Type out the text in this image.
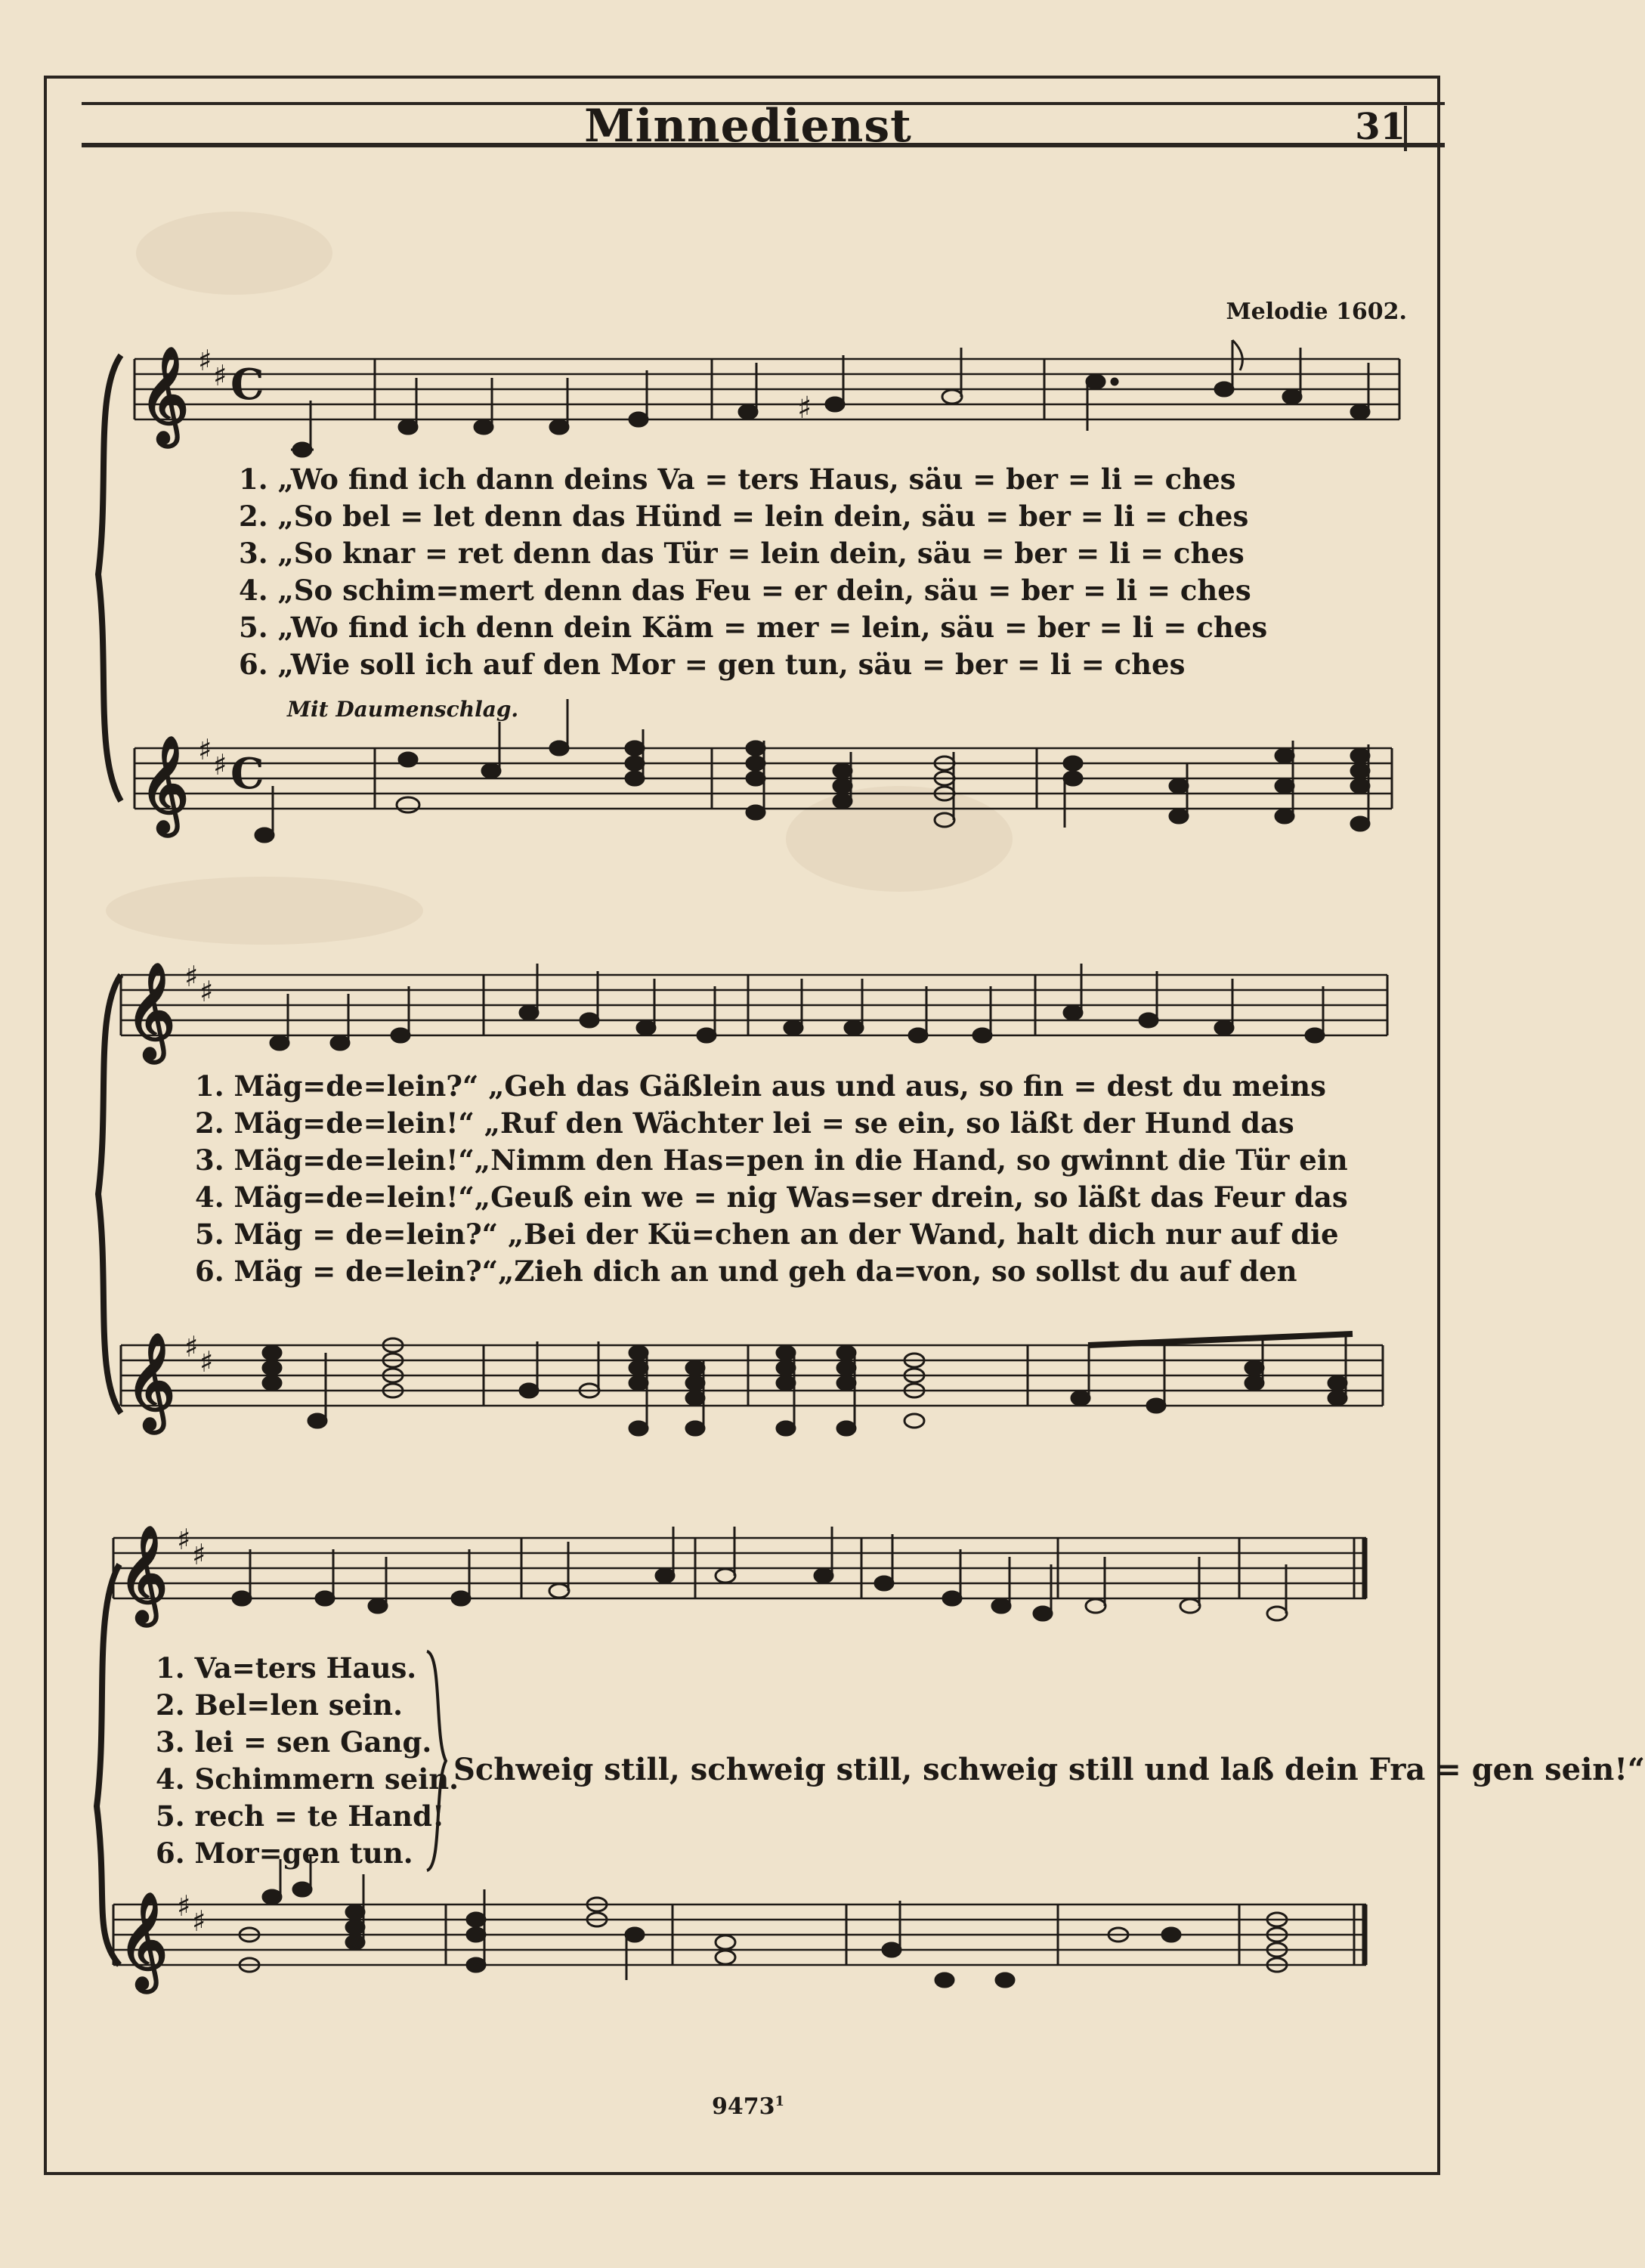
Minnedienst	31
Melodie 1602.
𝄞 ♯ ♯ C
𝄞 ♯ ♯ C
𝄞 ♯ ♯
𝄞 ♯ ♯
𝄞 ♯ ♯
𝄞 ♯ ♯
♯
1. „Wo find ich dann deins Va = ters Haus, säu = ber = li = ches
2. „So bel = let denn das Hünd = lein dein, säu = ber = li = ches
3. „So knar = ret denn das Tür = lein dein, säu = ber = li = ches
4. „So schim=mert denn das Feu = er dein, säu = ber = li = ches
5. „Wo find ich denn dein Käm = mer = lein, säu = ber = li = ches
6. „Wie soll ich auf den Mor = gen tun, säu = ber = li = ches
Mit Daumenschlag.
1. Mäg=de=lein?“ „Geh das Gäßlein aus und aus, so fin = dest du meins
2. Mäg=de=lein!“ „Ruf den Wächter lei = se ein, so läßt der Hund das
3. Mäg=de=lein!“„Nimm den Has=pen in die Hand, so gwinnt die Tür ein
4. Mäg=de=lein!“„Geuß ein we = nig Was=ser drein, so läßt das Feur das
5. Mäg = de=lein?“ „Bei der Kü=chen an der Wand, halt dich nur auf die
6. Mäg = de=lein?“„Zieh dich an und geh da=von, so sollst du auf den
1. Va=ters Haus.
2. Bel=len sein.
3. lei = sen Gang.
4. Schimmern sein.
5. rech = te Hand!
6. Mor=gen tun.
Schweig still, schweig still, schweig still und laß dein Fra = gen sein!“
9473$^1$
